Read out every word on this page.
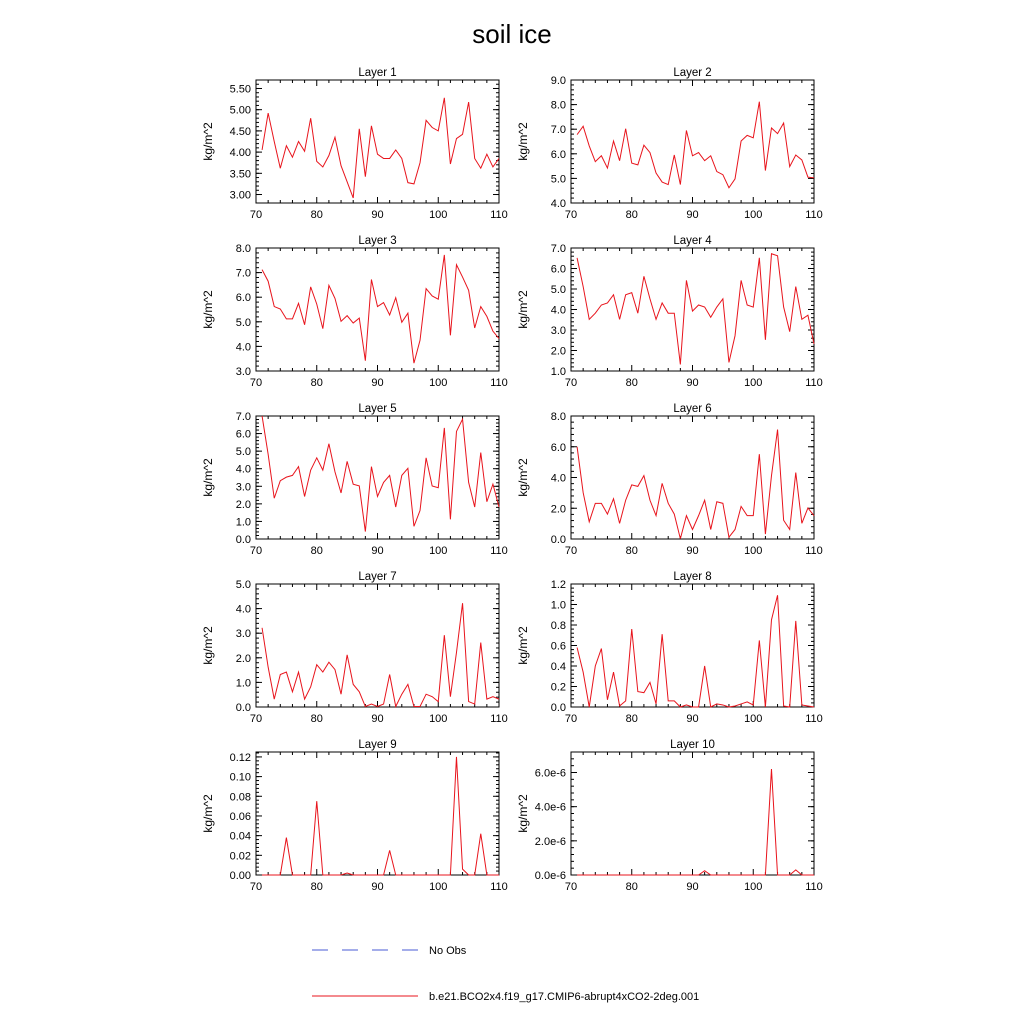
soil ice
Layer 1
70	80	90	100	110
3.00
3.50
4.00
4.50
5.00
5.50
kg/m^2
Layer 2
70	80	90	100	110
4.0
5.0
6.0
7.0
8.0
9.0
kg/m^2
Layer 3
70	80	90	100	110
3.0
4.0
5.0
6.0
7.0
8.0
kg/m^2
Layer 4
70	80	90	100	110
1.0
2.0
3.0
4.0
5.0
6.0
7.0
kg/m^2
Layer 5
70	80	90	100	110
0.0
1.0
2.0
3.0
4.0
5.0
6.0
7.0
kg/m^2
Layer 6
70	80	90	100	110
0.0
2.0
4.0
6.0
8.0
kg/m^2
Layer 7
70	80	90	100	110
0.0
1.0
2.0
3.0
4.0
5.0
kg/m^2
Layer 8
70	80	90	100	110
0.0
0.2
0.4
0.6
0.8
1.0
1.2
kg/m^2
Layer 9
70	80	90	100	110
0.00
0.02
0.04
0.06
0.08
0.10
0.12
kg/m^2
Layer 10
70	80	90	100	110
0.0e-6
2.0e-6
4.0e-6
6.0e-6
kg/m^2
No Obs
b.e21.BCO2x4.f19_g17.CMIP6-abrupt4xCO2-2deg.001
